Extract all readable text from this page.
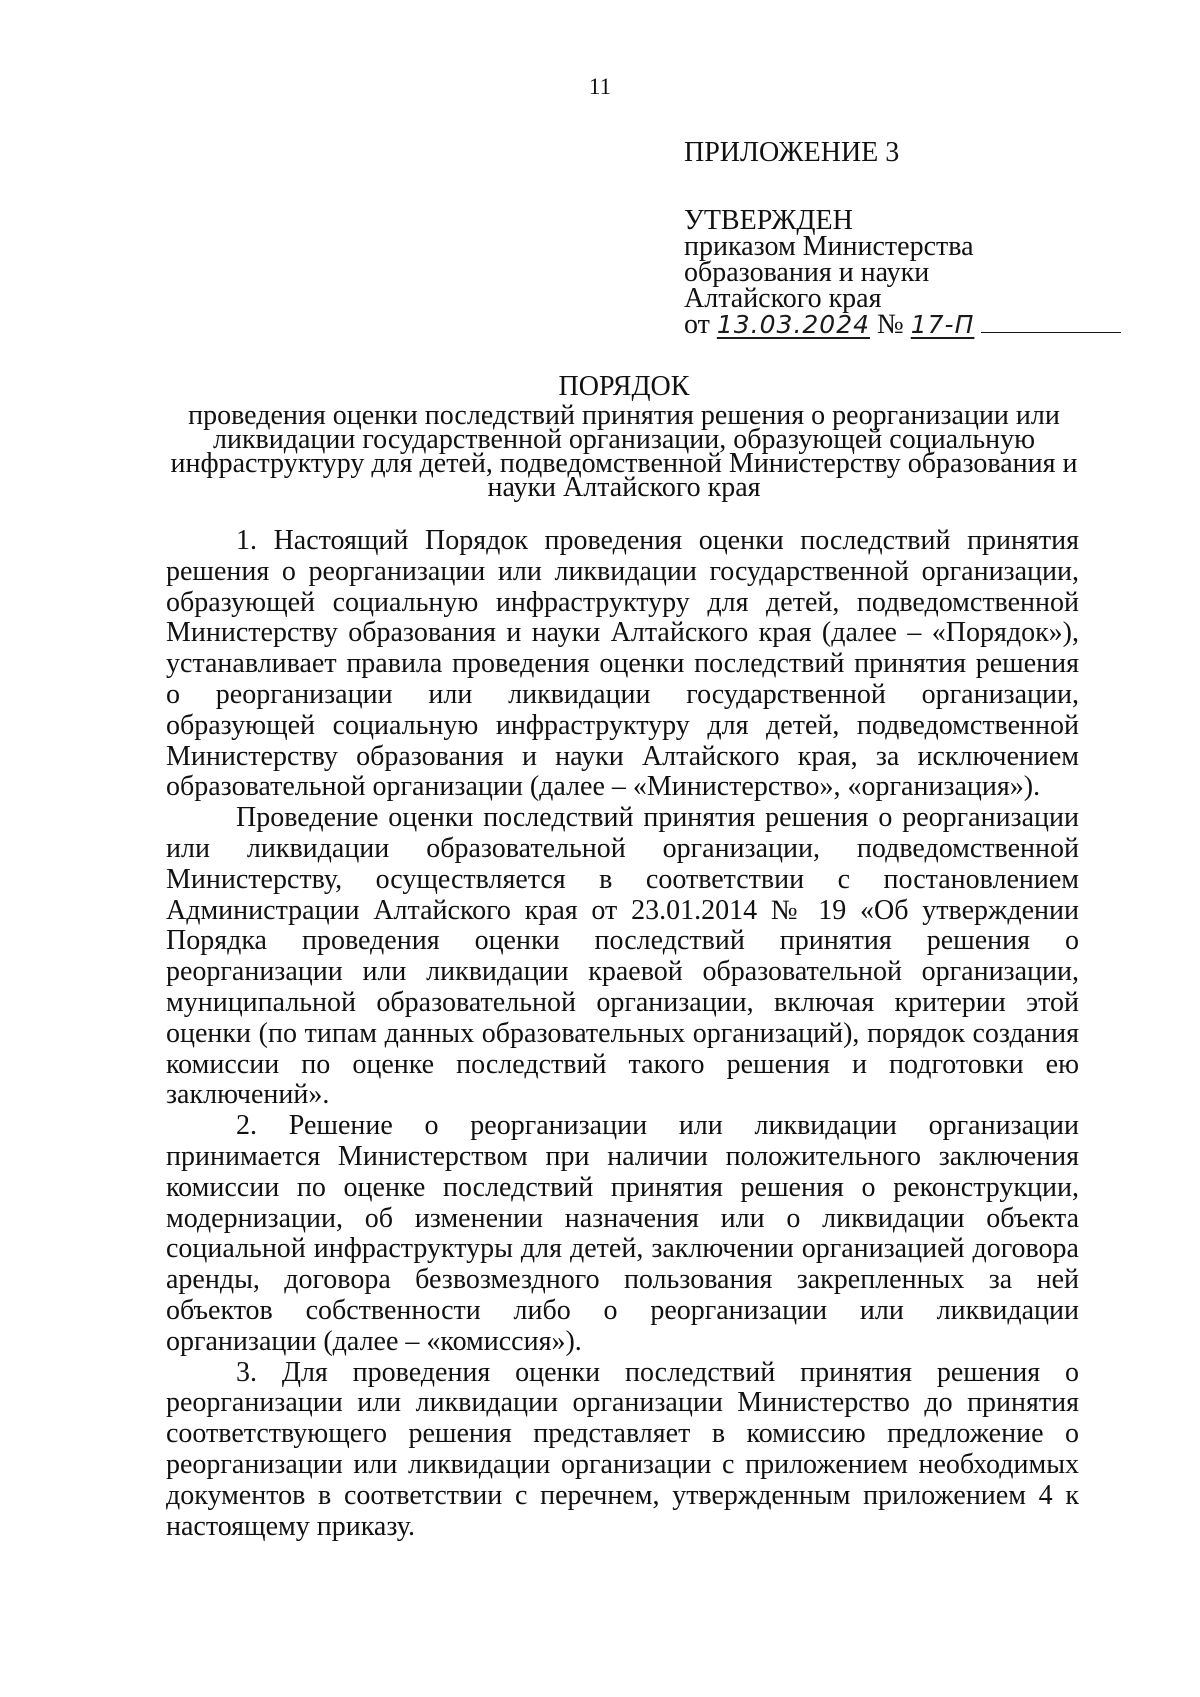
11
ПРИЛОЖЕНИЕ 3
УТВЕРЖДЕН
приказом Министерства
образования и науки
Алтайского края
от 13.03.2024 № 17-П
ПОРЯДОК
проведения оценки последствий принятия решения о реорганизации или ликвидации государственной организации, образующей социальную инфраструктуру для детей, подведомственной Министерству образования и науки Алтайского края

1. Настоящий Порядок проведения оценки последствий принятия решения о реорганизации или ликвидации государственной организации, образующей социальную инфраструктуру для детей, подведомственной Министерству образования и науки Алтайского края (далее – «Порядок»), устанавливает правила проведения оценки последствий принятия решения о реорганизации или ликвидации государственной организации, образующей социальную инфраструктуру для детей, подведомственной Министерству образования и науки Алтайского края, за исключением образовательной организации (далее – «Министерство», «организация»).

Проведение оценки последствий принятия решения о реорганизации или ликвидации образовательной организации, подведомственной Министерству, осуществляется в соответствии с постановлением Администрации Алтайского края от 23.01.2014 № 19 «Об утверждении Порядка проведения оценки последствий принятия решения о реорганизации или ликвидации краевой образовательной организации, муниципальной образовательной организации, включая критерии этой оценки (по типам данных образовательных организаций), порядок создания комиссии по оценке последствий такого решения и подготовки ею заключений».

2. Решение о реорганизации или ликвидации организации принимается Министерством при наличии положительного заключения комиссии по оценке последствий принятия решения о реконструкции, модернизации, об изменении назначения или о ликвидации объекта социальной инфраструктуры для детей, заключении организацией договора аренды, договора безвозмездного пользования закрепленных за ней объектов собственности либо о реорганизации или ликвидации организации (далее – «комиссия»).

3. Для проведения оценки последствий принятия решения о реорганизации или ликвидации организации Министерство до принятия соответствующего решения представляет в комиссию предложение о реорганизации или ликвидации организации с приложением необходимых документов в соответствии с перечнем, утвержденным приложением 4 к настоящему приказу.
